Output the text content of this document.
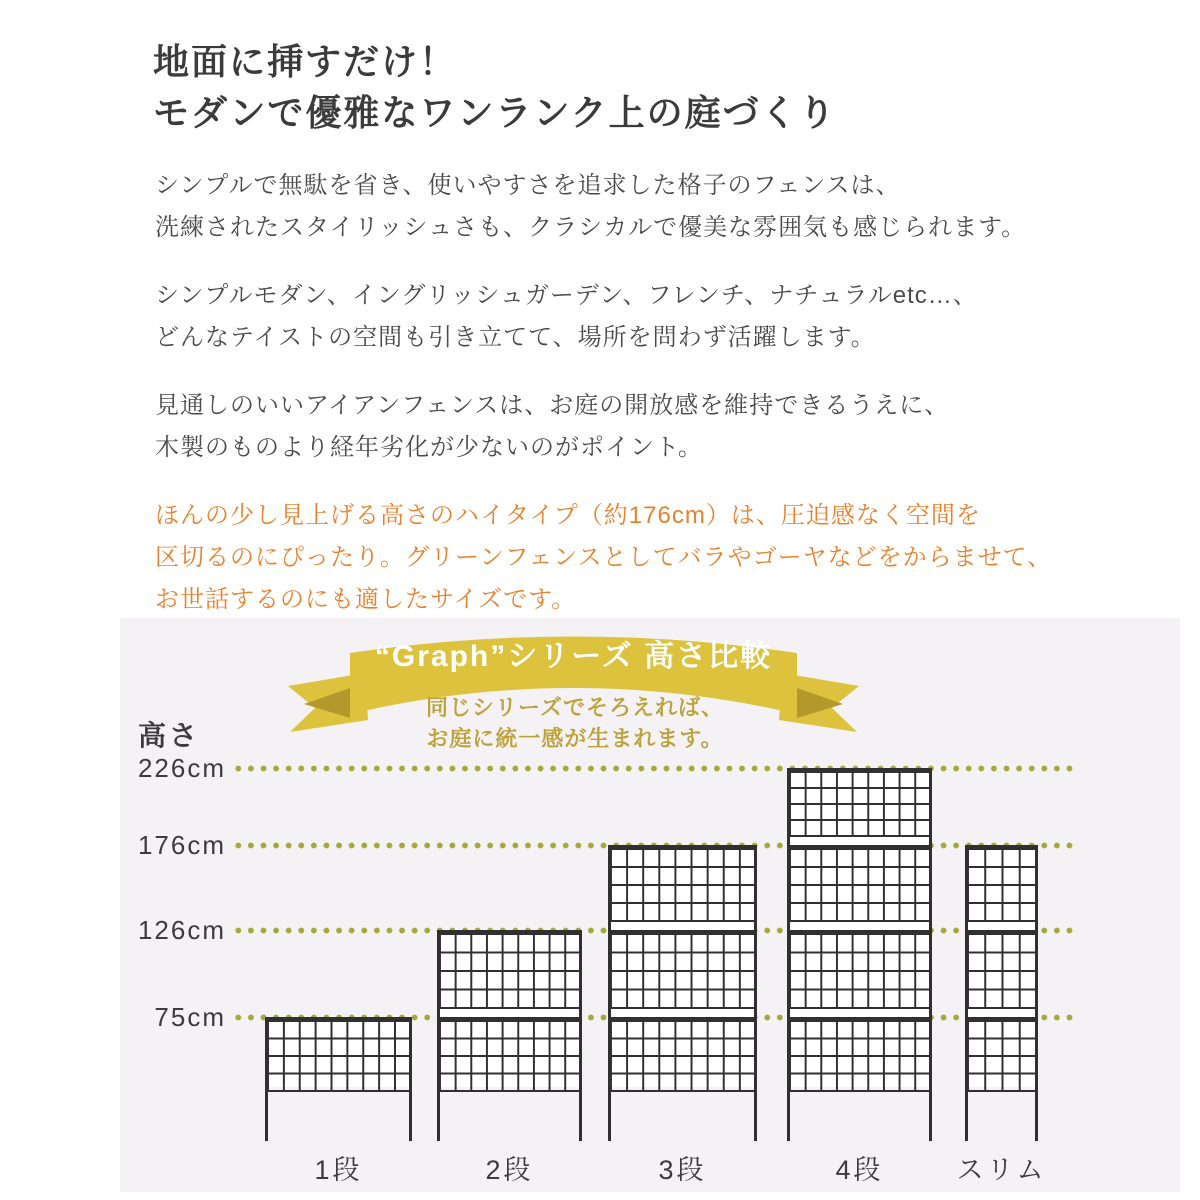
地面に挿すだけ！
モダンで優雅なワンランク上の庭づくり
シンプルで無駄を省き、使いやすさを追求した格子のフェンスは、
洗練されたスタイリッシュさも、クラシカルで優美な雰囲気も感じられます。
シンプルモダン、イングリッシュガーデン、フレンチ、ナチュラルetc…、
どんなテイストの空間も引き立てて、場所を問わず活躍します。
見通しのいいアイアンフェンスは、お庭の開放感を維持できるうえに、
木製のものより経年劣化が少ないのがポイント。
ほんの少し見上げる高さのハイタイプ（約176cm）は、圧迫感なく空間を
区切るのにぴったり。グリーンフェンスとしてバラやゴーヤなどをからませて、
お世話するのにも適したサイズです。
“Graph”シリーズ 高さ比較
同じシリーズでそろえれば、
お庭に統一感が生まれます。
高さ
226cm
176cm
126cm
75cm
1段	2段	3段	4段	スリム
